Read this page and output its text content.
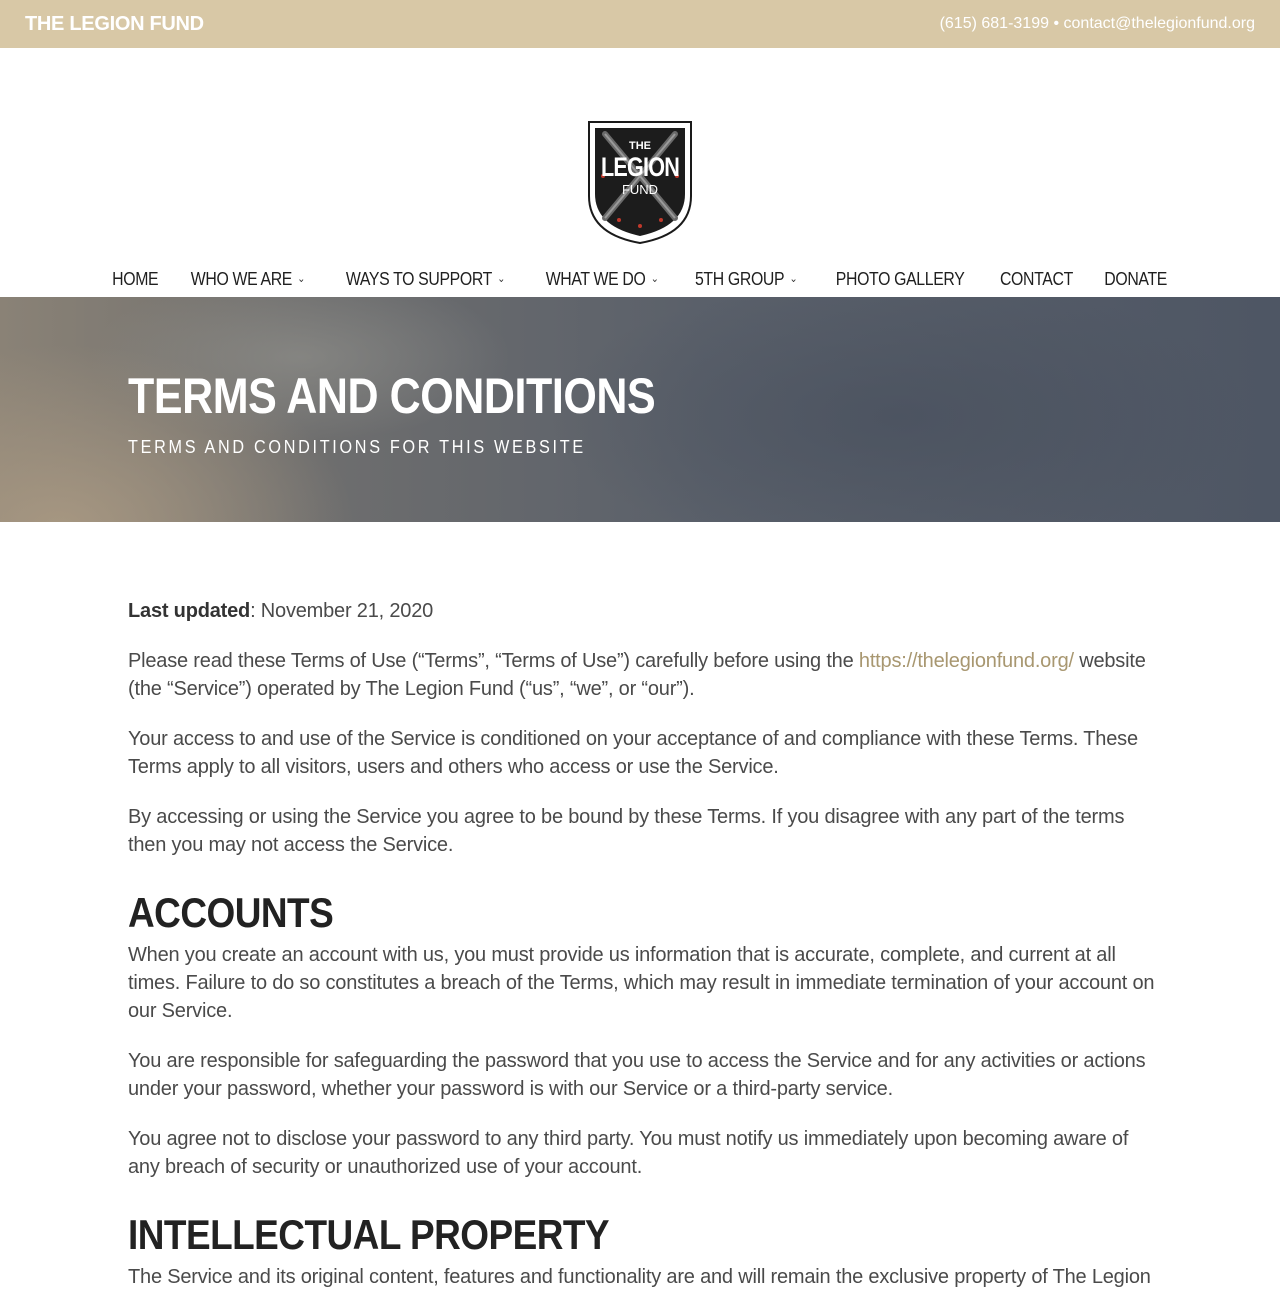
THE LEGION FUND	(615) 681-3199 • contact@thelegionfund.org
THE
LEGION
FUND
HOME WHO WE ARE ⌄ WAYS TO SUPPORT ⌄ WHAT WE DO ⌄ 5TH GROUP ⌄ PHOTO GALLERY CONTACT DONATE
TERMS AND CONDITIONS
TERMS AND CONDITIONS FOR THIS WEBSITE

Last updated: November 21, 2020

Please read these Terms of Use (“Terms”, “Terms of Use”) carefully before using the https://thelegionfund.org/ website (the “Service”) operated by The Legion Fund (“us”, “we”, or “our”).

Your access to and use of the Service is conditioned on your acceptance of and compliance with these Terms. These Terms apply to all visitors, users and others who access or use the Service.

By accessing or using the Service you agree to be bound by these Terms. If you disagree with any part of the terms then you may not access the Service.

ACCOUNTS

When you create an account with us, you must provide us information that is accurate, complete, and current at all times. Failure to do so constitutes a breach of the Terms, which may result in immediate termination of your account on our Service.

You are responsible for safeguarding the password that you use to access the Service and for any activities or actions under your password, whether your password is with our Service or a third-party service.

You agree not to disclose your password to any third party. You must notify us immediately upon becoming aware of any breach of security or unauthorized use of your account.

INTELLECTUAL PROPERTY

The Service and its original content, features and functionality are and will remain the exclusive property of The Legion
